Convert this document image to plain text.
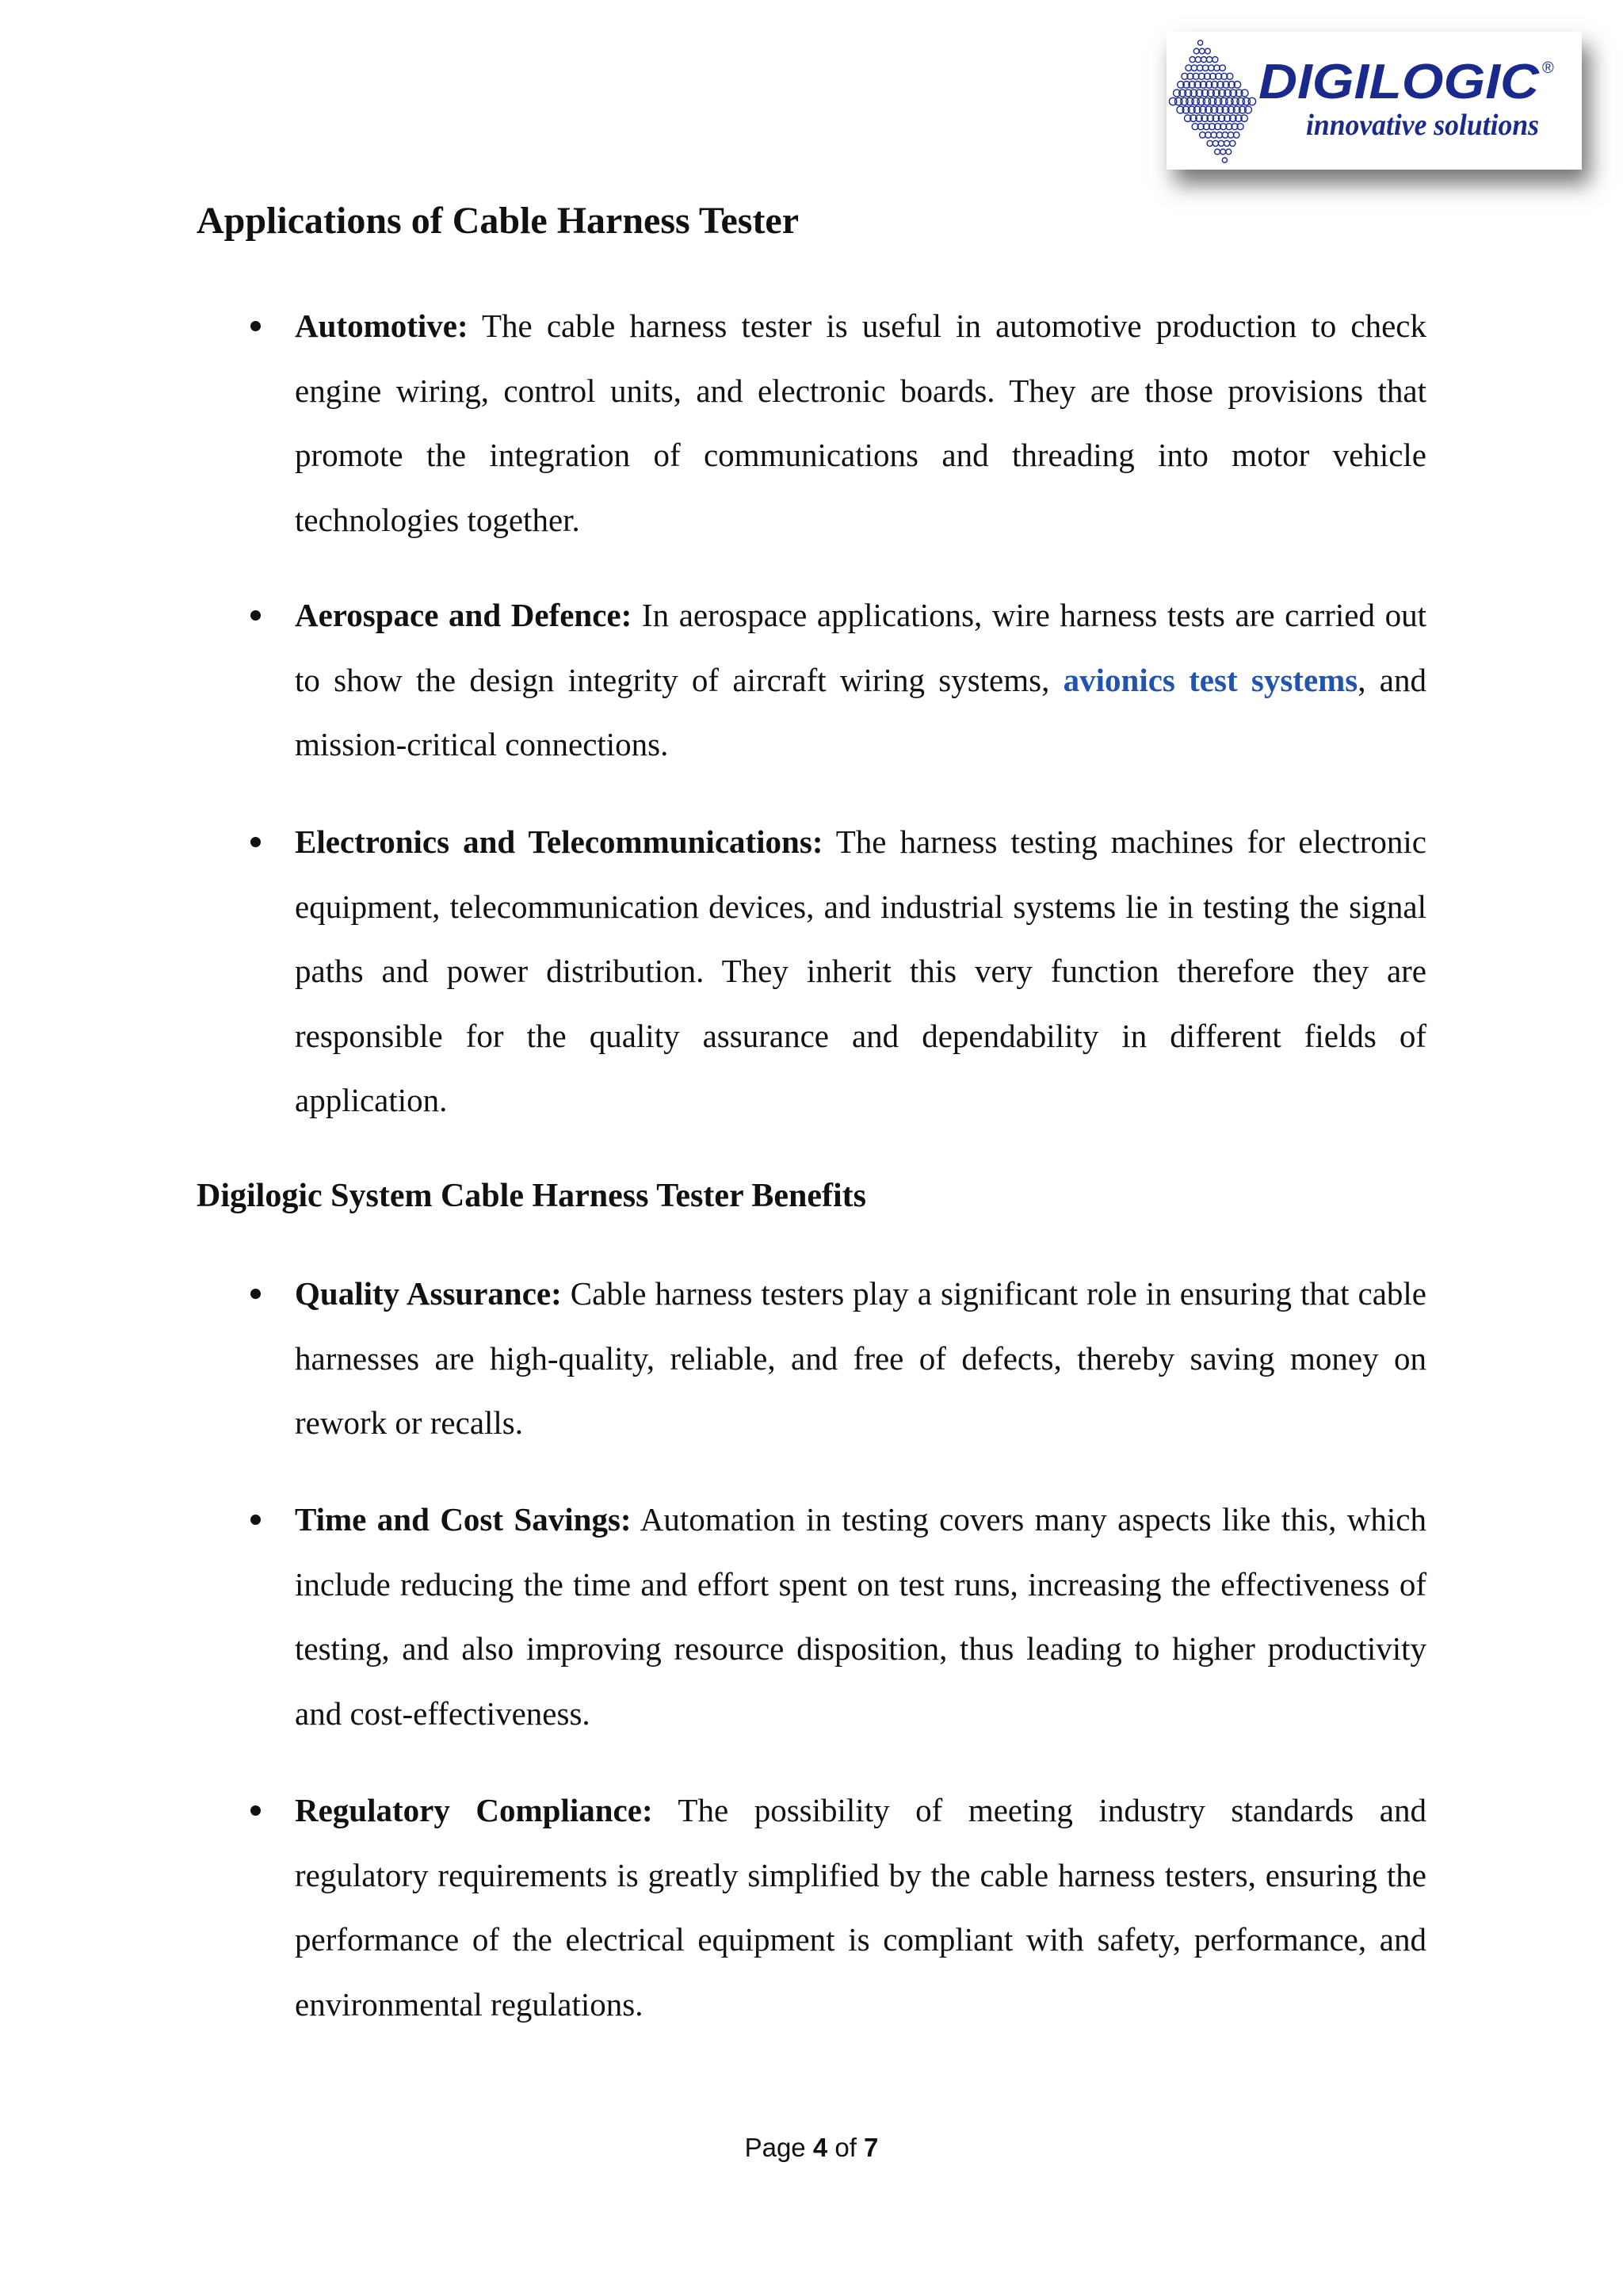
DIGILOGIC ®
innovative solutions
Applications of Cable Harness Tester
Automotive: The cable harness tester is useful in automotive production to check engine wiring, control units, and electronic boards. They are those provisions that promote the integration of communications and threading into motor vehicle technologies together.
Aerospace and Defence: In aerospace applications, wire harness tests are carried out to show the design integrity of aircraft wiring systems, avionics test systems, and mission-critical connections.
Electronics and Telecommunications: The harness testing machines for electronic equipment, telecommunication devices, and industrial systems lie in testing the signal paths and power distribution. They inherit this very function therefore they are responsible for the quality assurance and dependability in different fields of application.
Digilogic System Cable Harness Tester Benefits
Quality Assurance: Cable harness testers play a significant role in ensuring that cable harnesses are high-quality, reliable, and free of defects, thereby saving money on rework or recalls.
Time and Cost Savings: Automation in testing covers many aspects like this, which include reducing the time and effort spent on test runs, increasing the effectiveness of testing, and also improving resource disposition, thus leading to higher productivity and cost-effectiveness.
Regulatory Compliance: The possibility of meeting industry standards and regulatory requirements is greatly simplified by the cable harness testers, ensuring the performance of the electrical equipment is compliant with safety, performance, and environmental regulations.
Page 4 of 7
